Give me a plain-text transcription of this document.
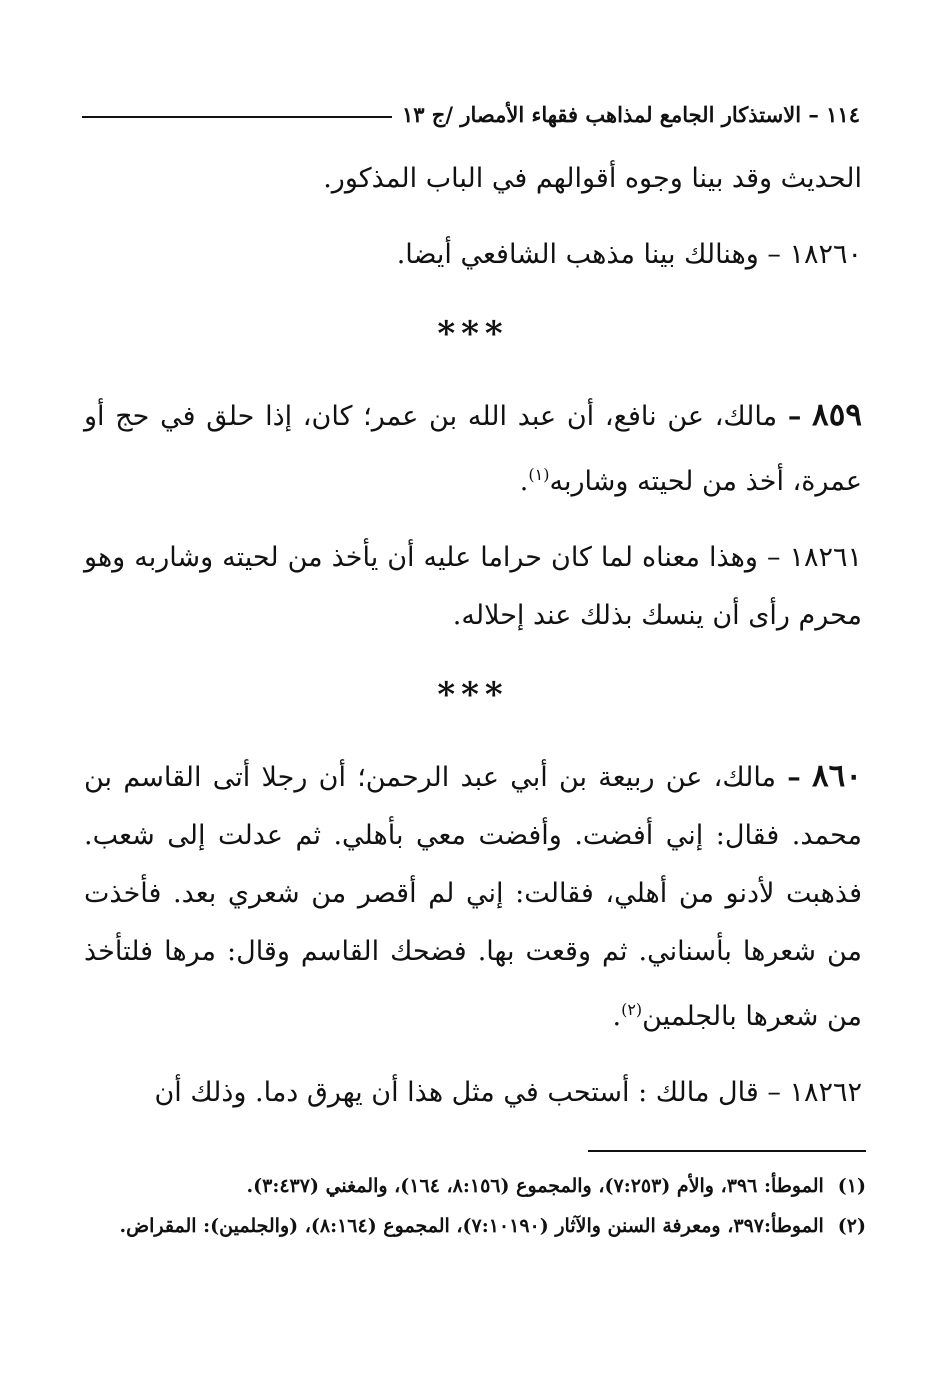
١١٤ – الاستذكار الجامع لمذاهب فقهاء الأمصار /ج ١٣

الحديث وقد بينا وجوه أقوالهم في الباب المذكور.

١٨٢٦٠ – وهنالك بينا مذهب الشافعي أيضا.

***

٨٥٩ – مالك، عن نافع، أن عبد الله بن عمر؛ كان، إذا حلق في حج أو عمرة، أخذ من لحيته وشاربه$^{(١)}$.

١٨٢٦١ – وهذا معناه لما كان حراما عليه أن يأخذ من لحيته وشاربه وهو محرم رأى أن ينسك بذلك عند إحلاله.

***

٨٦٠ – مالك، عن ربيعة بن أبي عبد الرحمن؛ أن رجلا أتى القاسم بن محمد. فقال: إني أفضت. وأفضت معي بأهلي. ثم عدلت إلى شعب. فذهبت لأدنو من أهلي، فقالت: إني لم أقصر من شعري بعد. فأخذت من شعرها بأسناني. ثم وقعت بها. فضحك القاسم وقال: مرها فلتأخذ من شعرها بالجلمين$^{(٢)}$.

١٨٢٦٢ – قال مالك : أستحب في مثل هذا أن يهرق دما. وذلك أن

(١)الموطأ: ٣٩٦، والأم (٧:٢٥٣)، والمجموع (٨:١٥٦، ١٦٤)، والمغني (٣:٤٣٧).

(٢)الموطأ:٣٩٧، ومعرفة السنن والآثار (٧:١٠١٩٠)، المجموع (٨:١٦٤)، (والجلمين): المقراض.
